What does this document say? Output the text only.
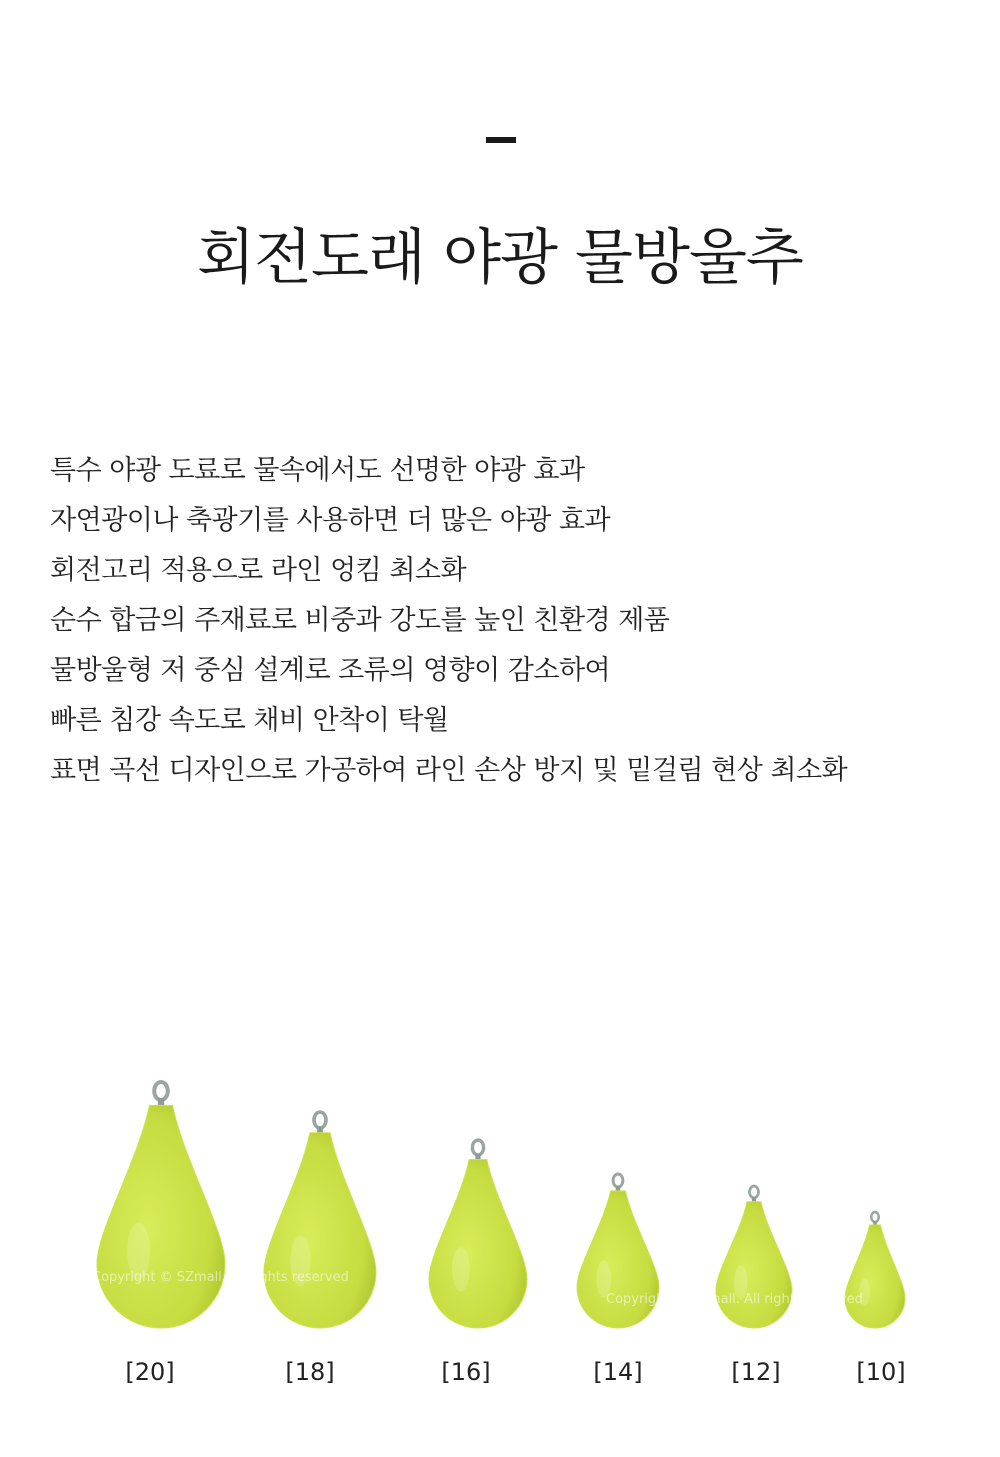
회전도래 야광 물방울추
특수 야광 도료로 물속에서도 선명한 야광 효과
자연광이나 축광기를 사용하면 더 많은 야광 효과
회전고리 적용으로 라인 엉킴 최소화
순수 합금의 주재료로 비중과 강도를 높인 친환경 제품
물방울형 저 중심 설계로 조류의 영향이 감소하여
빠른 침강 속도로 채비 안착이 탁월
표면 곡선 디자인으로 가공하여 라인 손상 방지 및 밑걸림 현상 최소화
Copyright © SZmall. All rights reserved
Copyright © SZmall. All rights reserved
[20]	[18]	[16]	[14]	[12]	[10]
